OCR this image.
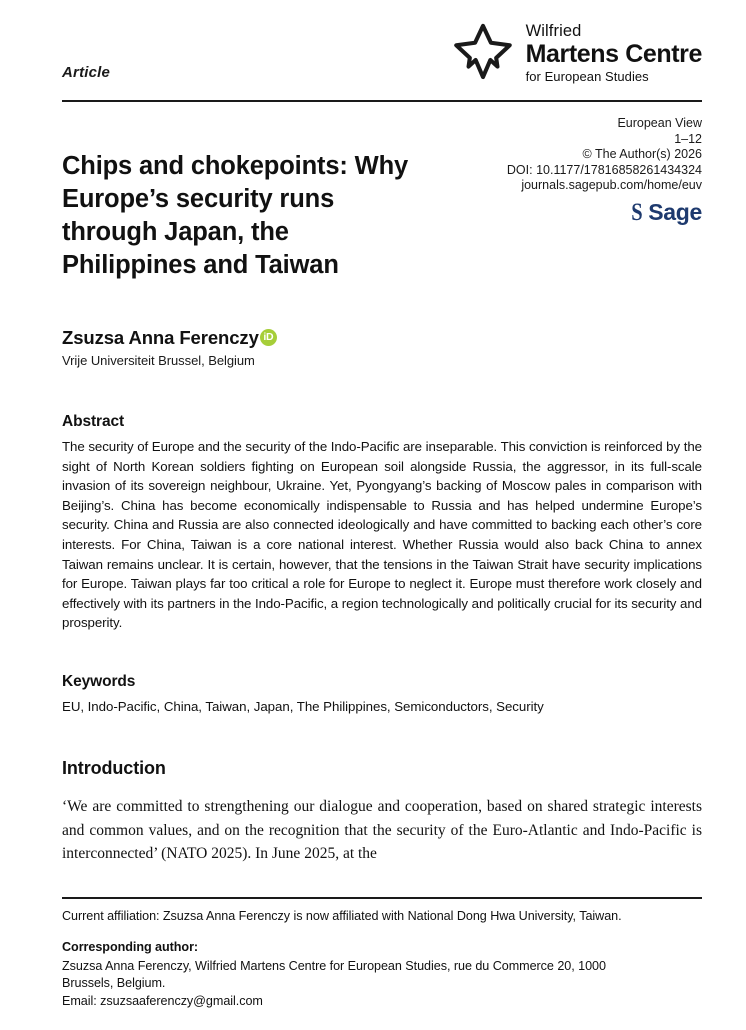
Article
Wilfried
Martens Centre
for European Studies
European View
1–12
© The Author(s) 2026
DOI: 10.1177/17816858261434324
journals.sagepub.com/home/euv
S Sage
Chips and chokepoints: Why Europe’s security runs through Japan, the Philippines and Taiwan
Zsuzsa Anna Ferenczy iD
Vrije Universiteit Brussel, Belgium
Abstract
The security of Europe and the security of the Indo-Pacific are inseparable. This conviction is reinforced by the sight of North Korean soldiers fighting on European soil alongside Russia, the aggressor, in its full-scale invasion of its sovereign neighbour, Ukraine. Yet, Pyongyang’s backing of Moscow pales in comparison with Beijing’s. China has become economically indispensable to Russia and has helped undermine Europe’s security. China and Russia are also connected ideologically and have committed to backing each other’s core interests. For China, Taiwan is a core national interest. Whether Russia would also back China to annex Taiwan remains unclear. It is certain, however, that the tensions in the Taiwan Strait have security implications for Europe. Taiwan plays far too critical a role for Europe to neglect it. Europe must therefore work closely and effectively with its partners in the Indo-Pacific, a region technologically and politically crucial for its security and prosperity.
Keywords
EU, Indo-Pacific, China, Taiwan, Japan, The Philippines, Semiconductors, Security
Introduction
‘We are committed to strengthening our dialogue and cooperation, based on shared strategic interests and common values, and on the recognition that the security of the Euro-Atlantic and Indo-Pacific is interconnected’ (NATO 2025). In June 2025, at the
Current affiliation: Zsuzsa Anna Ferenczy is now affiliated with National Dong Hwa University, Taiwan.
Corresponding author:
Zsuzsa Anna Ferenczy, Wilfried Martens Centre for European Studies, rue du Commerce 20, 1000
Brussels, Belgium.
Email: zsuzsaaferenczy@gmail.com
